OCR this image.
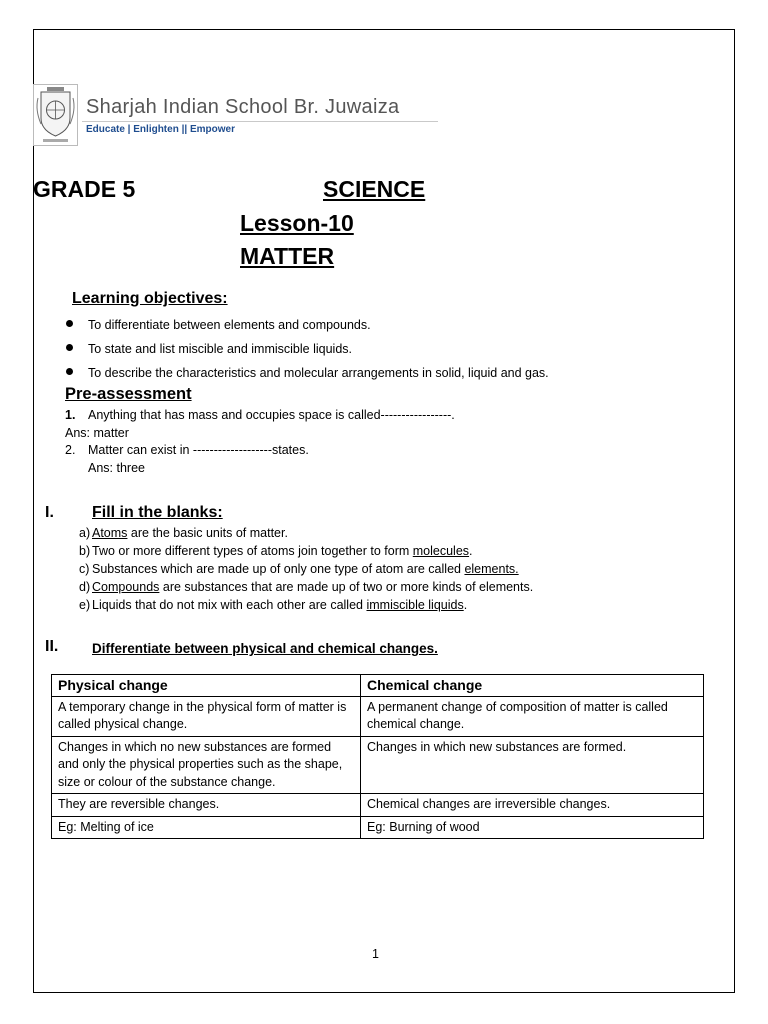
Sharjah Indian School Br. Juwaiza
Educate | Enlighten || Empower
GRADE 5	SCIENCE
Lesson-10
MATTER
Learning objectives:
To differentiate between elements and compounds.
To state and list miscible and immiscible liquids.
To describe the characteristics and molecular arrangements in solid, liquid and gas.
Pre-assessment
1. Anything that has mass and occupies space is called-----------------.
Ans: matter
2. Matter can exist in -------------------states.
Ans: three
I. Fill in the blanks:
a) Atoms are the basic units of matter.
b) Two or more different types of atoms join together to form molecules.
c) Substances which are made up of only one type of atom are called elements.
d) Compounds are substances that are made up of two or more kinds of elements.
e) Liquids that do not mix with each other are called immiscible liquids.
II. Differentiate between physical and chemical changes.
Physical change	Chemical change
A temporary change in the physical form of matter is called physical change.	A permanent change of composition of matter is called chemical change.
Changes in which no new substances are formed and only the physical properties such as the shape, size or colour of the substance change.	Changes in which new substances are formed.
They are reversible changes.	Chemical changes are irreversible changes.
Eg: Melting of ice	Eg: Burning of wood
1
